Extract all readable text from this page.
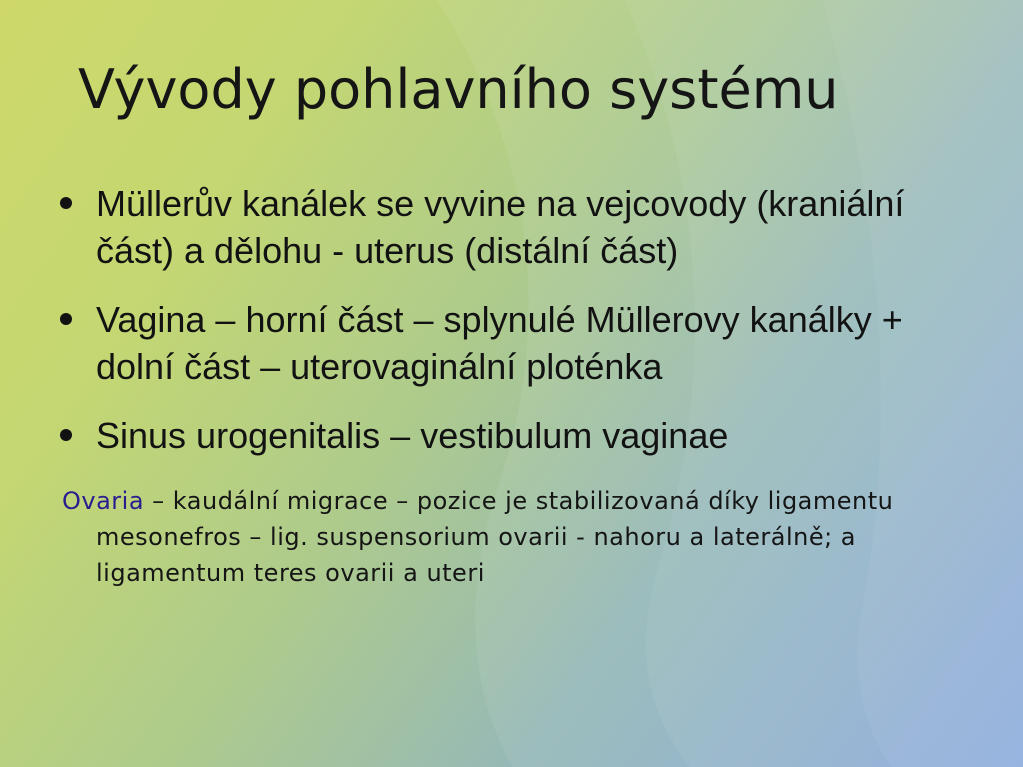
Vývody pohlavního systému
Müllerův kanálek se vyvine na vejcovody (kraniální část) a dělohu - uterus (distální část)
Vagina – horní část – splynulé Müllerovy kanálky + dolní část – uterovaginální ploténka
Sinus urogenitalis – vestibulum vaginae

Ovaria – kaudální migrace – pozice je stabilizovaná díky ligamentu mesonefros – lig. suspensorium ovarii - nahoru a laterálně; a ligamentum teres ovarii a uteri
